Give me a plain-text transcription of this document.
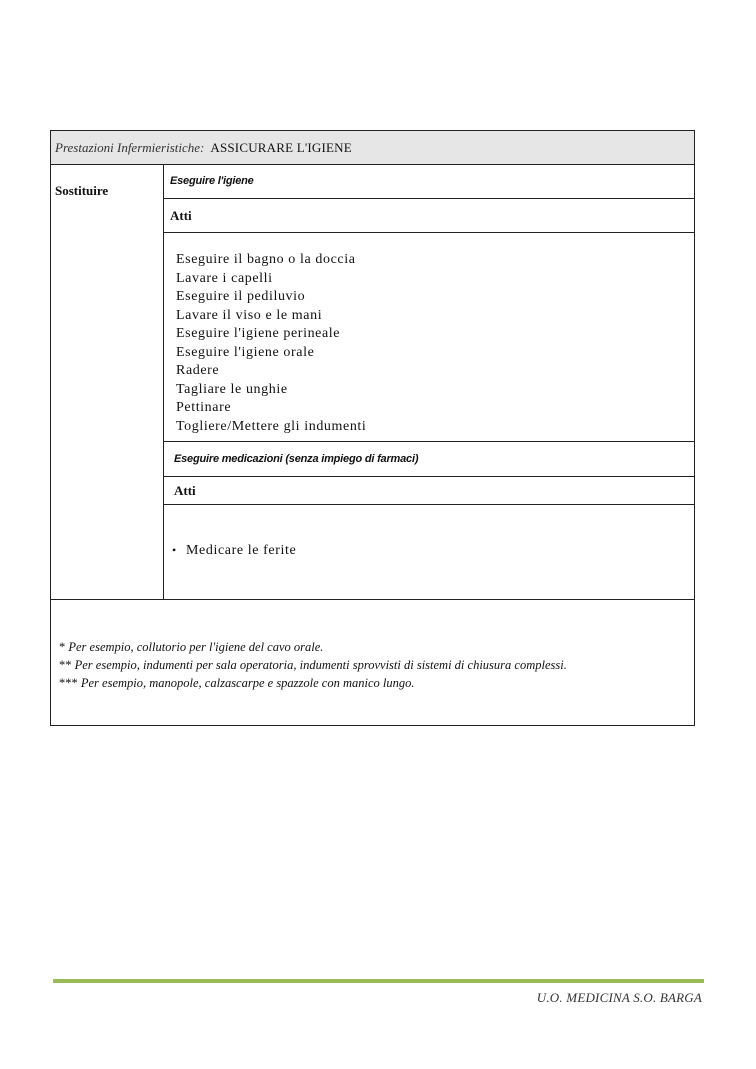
Prestazioni Infermieristiche: ASSICURARE L'IGIENE
Sostituire
Eseguire l'igiene
Atti
Eseguire il bagno o la doccia
Lavare i capelli
Eseguire il pediluvio
Lavare il viso e le mani
Eseguire l'igiene perineale
Eseguire l'igiene orale
Radere
Tagliare le unghie
Pettinare
Togliere/Mettere gli indumenti
Eseguire medicazioni (senza impiego di farmaci)
Atti
• Medicare le ferite
* Per esempio, collutorio per l'igiene del cavo orale.
** Per esempio, indumenti per sala operatoria, indumenti sprovvisti di sistemi di chiusura complessi.
*** Per esempio, manopole, calzascarpe e spazzole con manico lungo.
U.O. MEDICINA S.O. BARGA
